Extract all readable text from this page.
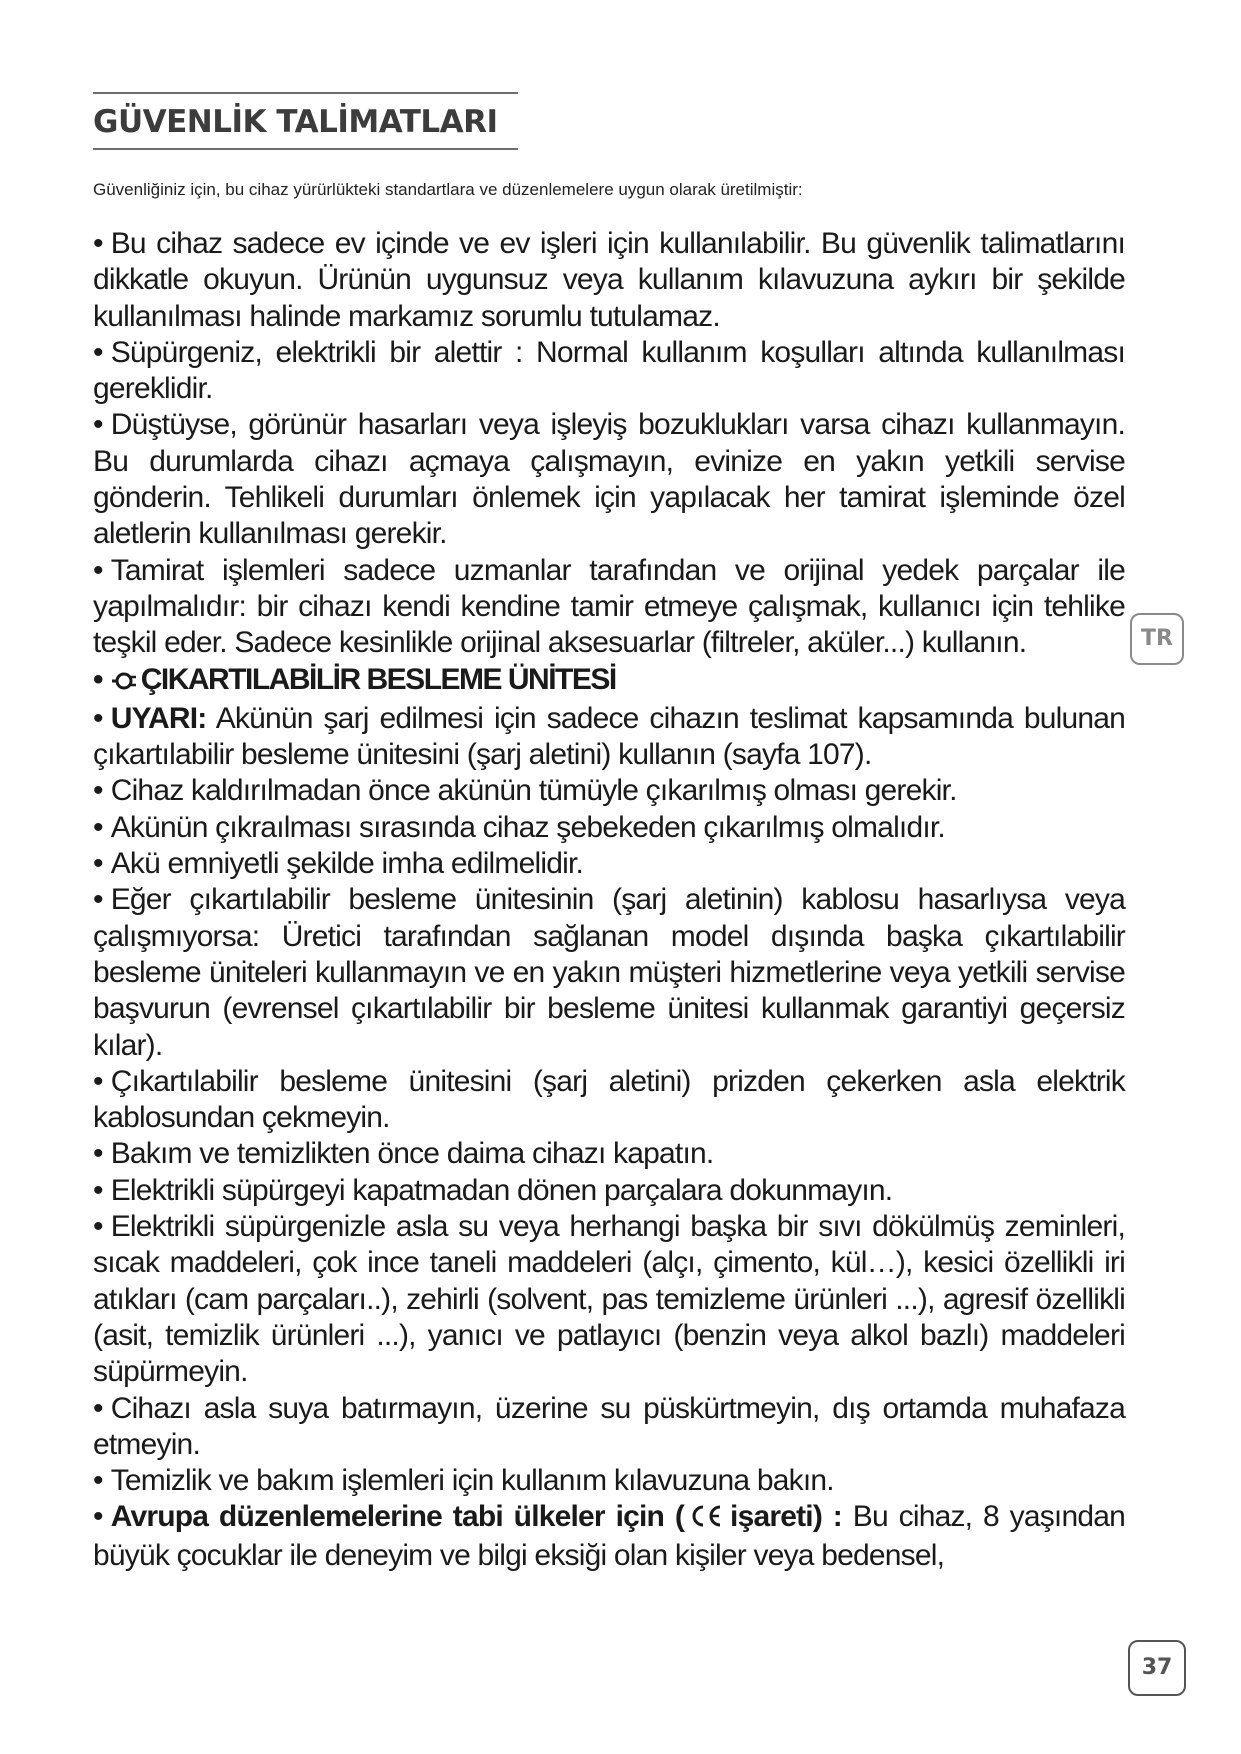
GÜVENLİK TALİMATLARI
Güvenliğiniz için, bu cihaz yürürlükteki standartlara ve düzenlemelere uygun olarak üretilmiştir:

• Bu cihaz sadece ev içinde ve ev işleri için kullanılabilir. Bu güvenlik talimatlarını dikkatle okuyun. Ürünün uygunsuz veya kullanım kılavuzuna aykırı bir şekilde kullanılması halinde markamız sorumlu tutulamaz.

• Süpürgeniz, elektrikli bir alettir : Normal kullanım koşulları altında kullanılması gereklidir.

• Düştüyse, görünür hasarları veya işleyiş bozuklukları varsa cihazı kullanmayın. Bu durumlarda cihazı açmaya çalışmayın, evinize en yakın yetkili servise gönderin. Tehlikeli durumları önlemek için yapılacak her tamirat işleminde özel aletlerin kullanılması gerekir.

• Tamirat işlemleri sadece uzmanlar tarafından ve orijinal yedek parçalar ile yapılmalıdır: bir cihazı kendi kendine tamir etmeye çalışmak, kullanıcı için tehlike teşkil eder. Sadece kesinlikle orijinal aksesuarlar (filtreler, aküler...) kullanın.

• ÇIKARTILABİLİR BESLEME ÜNİTESİ

• UYARI: Akünün şarj edilmesi için sadece cihazın teslimat kapsamında bulunan çıkartılabilir besleme ünitesini (şarj aletini) kullanın (sayfa 107).

• Cihaz kaldırılmadan önce akünün tümüyle çıkarılmış olması gerekir.

• Akünün çıkraılması sırasında cihaz şebekeden çıkarılmış olmalıdır.

• Akü emniyetli şekilde imha edilmelidir.

• Eğer çıkartılabilir besleme ünitesinin (şarj aletinin) kablosu hasarlıysa veya çalışmıyorsa: Üretici tarafından sağlanan model dışında başka çıkartılabilir besleme üniteleri kullanmayın ve en yakın müşteri hizmetlerine veya yetkili servise başvurun (evrensel çıkartılabilir bir besleme ünitesi kullanmak garantiyi geçersiz kılar).

• Çıkartılabilir besleme ünitesini (şarj aletini) prizden çekerken asla elektrik kablosundan çekmeyin.

• Bakım ve temizlikten önce daima cihazı kapatın.

• Elektrikli süpürgeyi kapatmadan dönen parçalara dokunmayın.

• Elektrikli süpürgenizle asla su veya herhangi başka bir sıvı dökülmüş zeminleri, sıcak maddeleri, çok ince taneli maddeleri (alçı, çimento, kül…), kesici özellikli iri atıkları (cam parçaları..), zehirli (solvent, pas temizleme ürünleri ...), agresif özellikli (asit, temizlik ürünleri ...), yanıcı ve patlayıcı (benzin veya alkol bazlı) maddeleri süpürmeyin.

• Cihazı asla suya batırmayın, üzerine su püskürtmeyin, dış ortamda muhafaza etmeyin.

• Temizlik ve bakım işlemleri için kullanım kılavuzuna bakın.

• Avrupa düzenlemelerine tabi ülkeler için ( işareti) : Bu cihaz, 8 yaşından büyük çocuklar ile deneyim ve bilgi eksiği olan kişiler veya bedensel,

TR
37
